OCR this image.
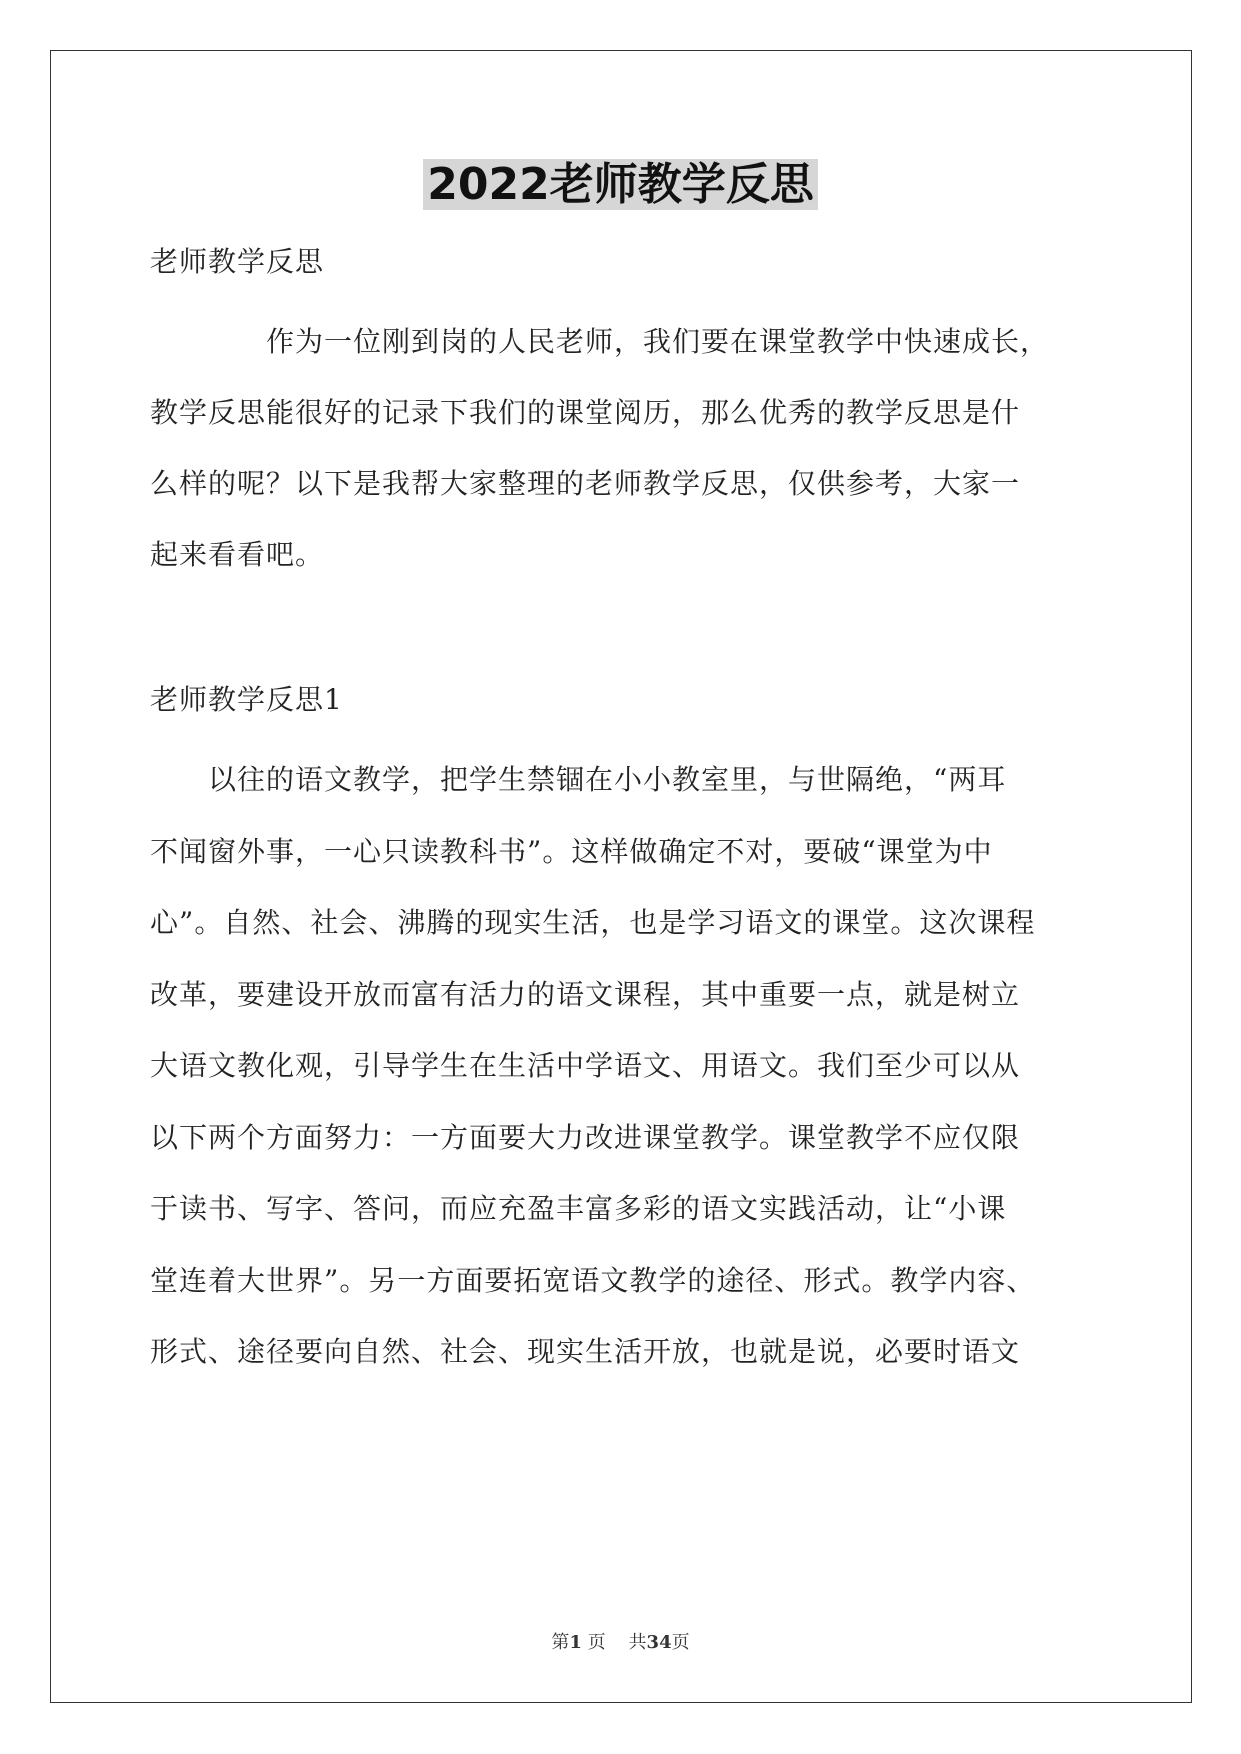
2022老师教学反思
老师教学反思
　　　　作为一位刚到岗的人民老师，我们要在课堂教学中快速成长，
教学反思能很好的记录下我们的课堂阅历，那么优秀的教学反思是什
么样的呢？以下是我帮大家整理的老师教学反思，仅供参考，大家一
起来看看吧。
老师教学反思1
　　以往的语文教学，把学生禁锢在小小教室里，与世隔绝，“两耳
不闻窗外事，一心只读教科书”。这样做确定不对，要破“课堂为中
心”。自然、社会、沸腾的现实生活，也是学习语文的课堂。这次课程
改革，要建设开放而富有活力的语文课程，其中重要一点，就是树立
大语文教化观，引导学生在生活中学语文、用语文。我们至少可以从
以下两个方面努力：一方面要大力改进课堂教学。课堂教学不应仅限
于读书、写字、答问，而应充盈丰富多彩的语文实践活动，让“小课
堂连着大世界”。另一方面要拓宽语文教学的途径、形式。教学内容、
形式、途径要向自然、社会、现实生活开放，也就是说，必要时语文
第1 页 共34页
